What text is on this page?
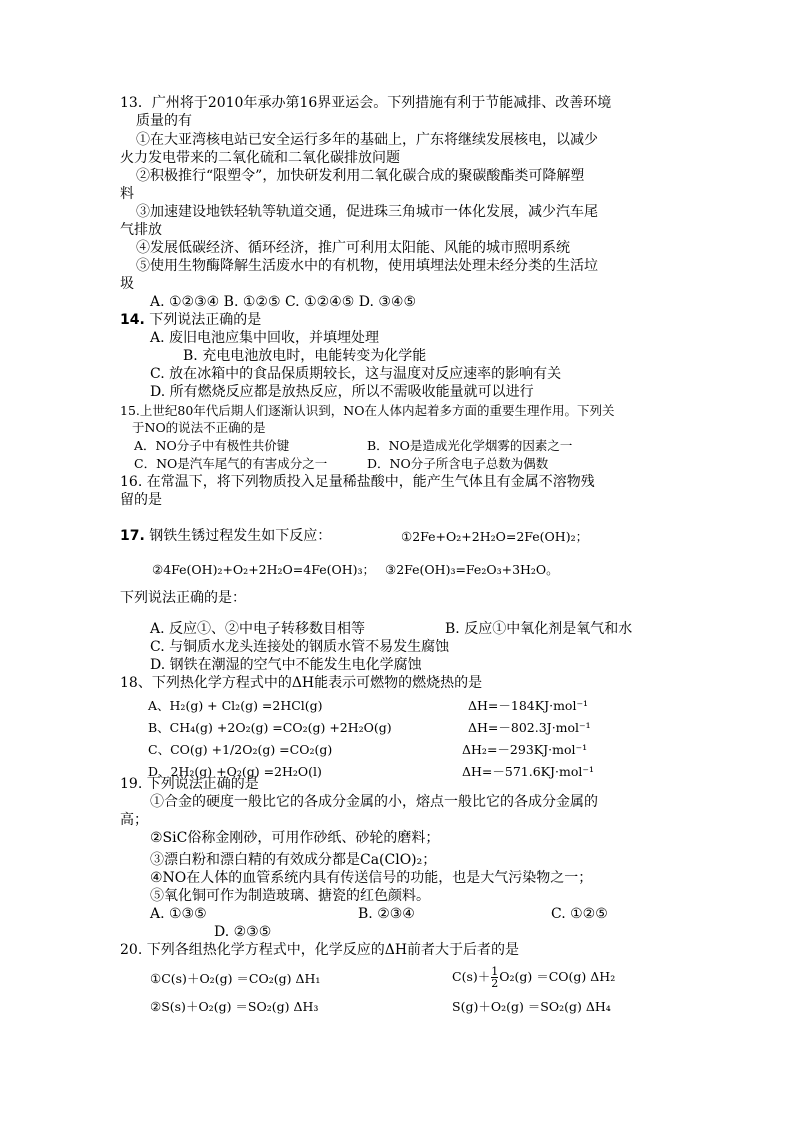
13．广州将于2010年承办第16界亚运会。下列措施有利于节能减排、改善环境
质量的有
①在大亚湾核电站已安全运行多年的基础上，广东将继续发展核电，以减少
火力发电带来的二氧化硫和二氧化碳排放问题
②积极推行“限塑令”，加快研发利用二氧化碳合成的聚碳酸酯类可降解塑
料
③加速建设地铁轻轨等轨道交通，促进珠三角城市一体化发展，减少汽车尾
气排放
④发展低碳经济、循环经济，推广可利用太阳能、风能的城市照明系统
⑤使用生物酶降解生活废水中的有机物，使用填埋法处理未经分类的生活垃
圾
A. ①②③④ B. ①②⑤ C. ①②④⑤ D. ③④⑤
14. 下列说法正确的是
A. 废旧电池应集中回收，并填埋处理
B. 充电电池放电时，电能转变为化学能
C. 放在冰箱中的食品保质期较长，这与温度对反应速率的影响有关
D. 所有燃烧反应都是放热反应，所以不需吸收能量就可以进行
15.上世纪80年代后期人们逐渐认识到，NO在人体内起着多方面的重要生理作用。下列关
于NO的说法不正确的是
A．NO分子中有极性共价键	B．NO是造成光化学烟雾的因素之一
C．NO是汽车尾气的有害成分之一	D．NO分子所含电子总数为偶数
16. 在常温下，将下列物质投入足量稀盐酸中，能产生气体且有金属不溶物残
留的是
17. 钢铁生锈过程发生如下反应：	①2Fe+O₂+2H₂O=2Fe(OH)₂；
②4Fe(OH)₂+O₂+2H₂O=4Fe(OH)₃； ③2Fe(OH)₃=Fe₂O₃+3H₂O。
下列说法正确的是：
A. 反应①、②中电子转移数目相等	B. 反应①中氧化剂是氧气和水
C. 与铜质水龙头连接处的钢质水管不易发生腐蚀
D. 钢铁在潮湿的空气中不能发生电化学腐蚀
18、下列热化学方程式中的ΔH能表示可燃物的燃烧热的是
A、H₂(g) + Cl₂(g) =2HCl(g)	ΔH=－184KJ·mol⁻¹
B、CH₄(g) +2O₂(g) =CO₂(g) +2H₂O(g)	ΔH=－802.3J·mol⁻¹
C、CO(g) +1/2O₂(g) =CO₂(g)	ΔH₂=－293KJ·mol⁻¹
D、2H₂(g) +O₂(g) =2H₂O(l)	ΔH=－571.6KJ·mol⁻¹
19. 下列说法正确的是
①合金的硬度一般比它的各成分金属的小，熔点一般比它的各成分金属的
高；
②SiC俗称金刚砂，可用作砂纸、砂轮的磨料；
③漂白粉和漂白精的有效成分都是Ca(ClO)₂；
④NO在人体的血管系统内具有传送信号的功能，也是大气污染物之一；
⑤氧化铜可作为制造玻璃、搪瓷的红色颜料。
A. ①③⑤	B. ②③④	C. ①②⑤
D. ②③⑤
20. 下列各组热化学方程式中，化学反应的ΔH前者大于后者的是
①C(s)＋O₂(g) ＝CO₂(g) ΔH₁	$C(s)+ \frac{1}{2} O_2(g) =CO(g)$ ΔH₂
②S(s)＋O₂(g) ＝SO₂(g) ΔH₃	S(g)＋O₂(g) ＝SO₂(g) ΔH₄
